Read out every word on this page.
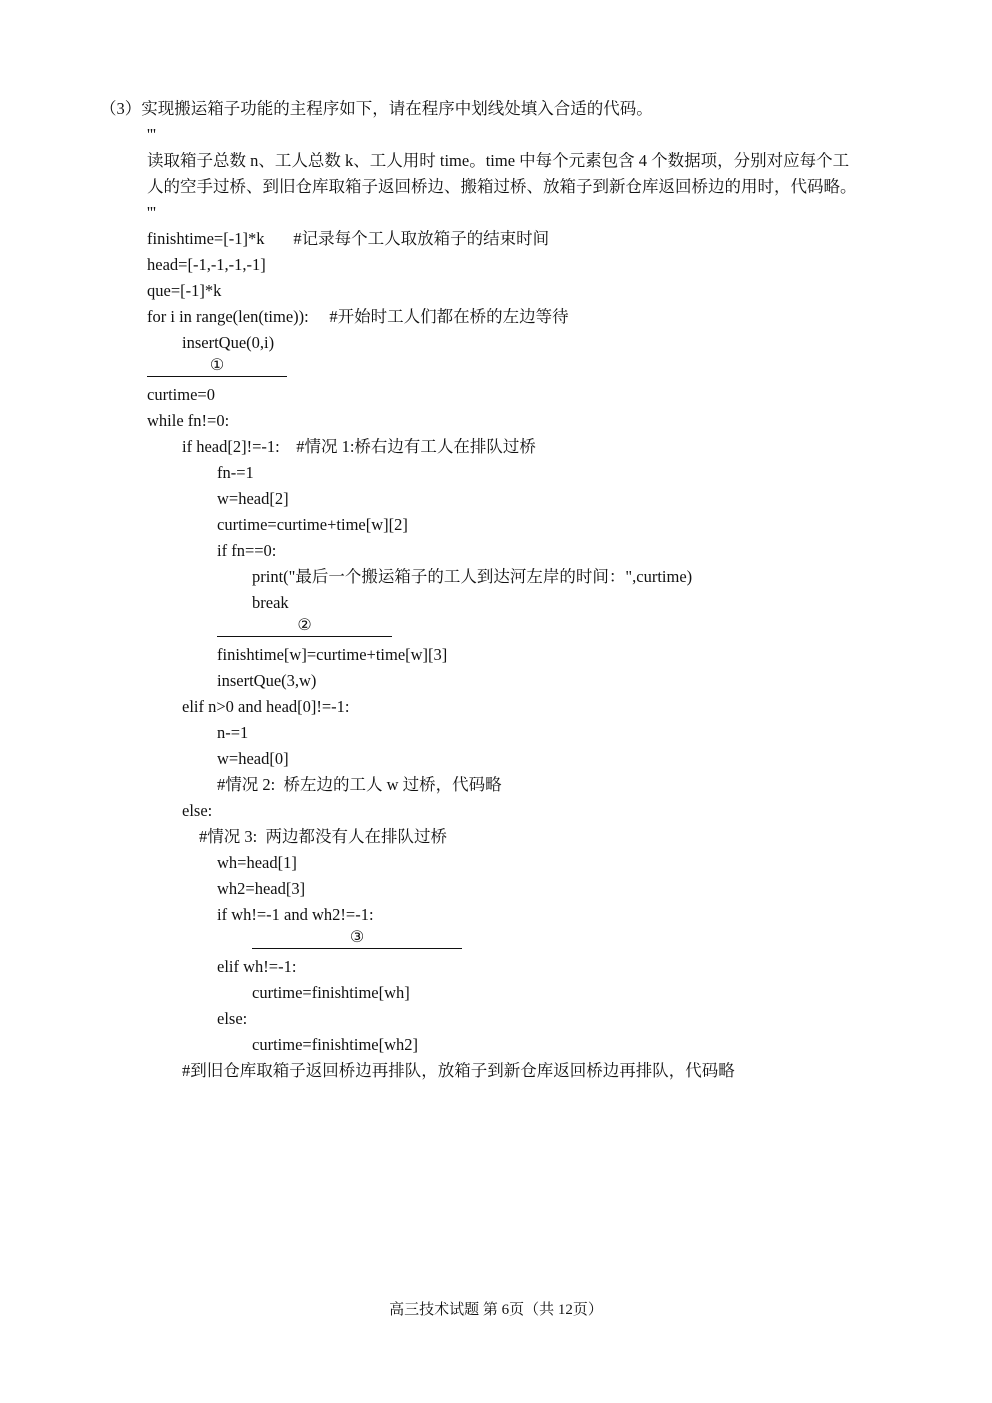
（3）实现搬运箱子功能的主程序如下，请在程序中划线处填入合适的代码。
'''
读取箱子总数 n、工人总数 k、工人用时 time。time 中每个元素包含 4 个数据项，分别对应每个工
人的空手过桥、到旧仓库取箱子返回桥边、搬箱过桥、放箱子到新仓库返回桥边的用时，代码略。
'''
finishtime=[-1]*k       #记录每个工人取放箱子的结束时间
head=[-1,-1,-1,-1]
que=[-1]*k
for i in range(len(time)):     #开始时工人们都在桥的左边等待
insertQue(0,i)
①
curtime=0
while fn!=0:
if head[2]!=-1:    #情况 1:桥右边有工人在排队过桥
fn-=1
w=head[2]
curtime=curtime+time[w][2]
if fn==0:
print("最后一个搬运箱子的工人到达河左岸的时间：",curtime)
break
②
finishtime[w]=curtime+time[w][3]
insertQue(3,w)
elif n>0 and head[0]!=-1:
n-=1
w=head[0]
#情况 2:  桥左边的工人 w 过桥，代码略
else:
#情况 3:  两边都没有人在排队过桥
wh=head[1]
wh2=head[3]
if wh!=-1 and wh2!=-1:
③
elif wh!=-1:
curtime=finishtime[wh]
else:
curtime=finishtime[wh2]
#到旧仓库取箱子返回桥边再排队，放箱子到新仓库返回桥边再排队，代码略
高三技术试题 第 6页（共 12页）
